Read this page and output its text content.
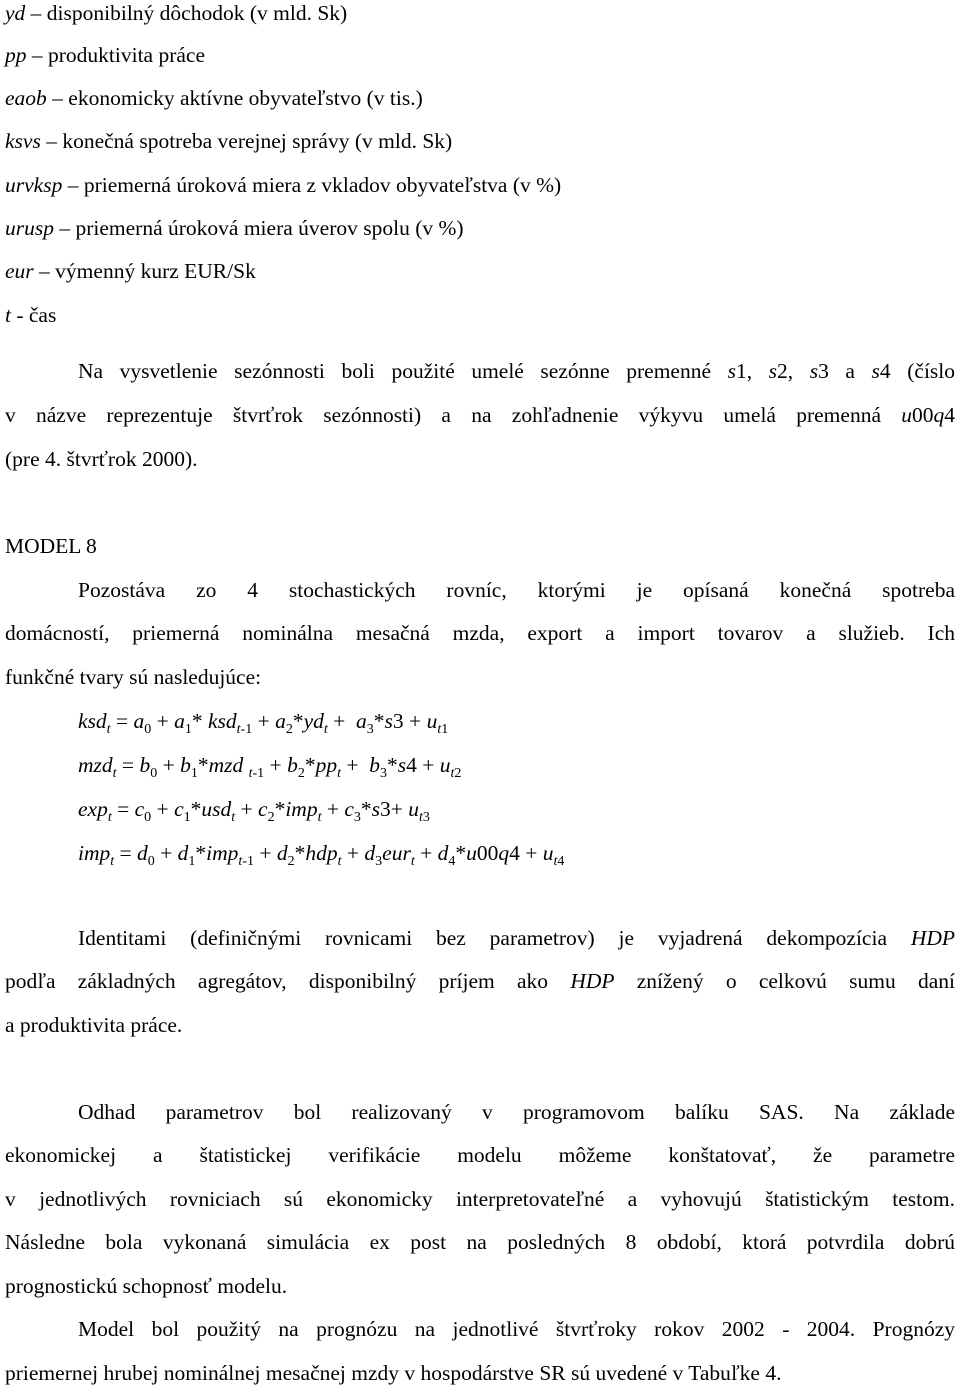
yd – disponibilný dôchodok (v mld. Sk)
pp – produktivita práce
eaob – ekonomicky aktívne obyvateľstvo (v tis.)
ksvs – konečná spotreba verejnej správy (v mld. Sk)
urvksp – priemerná úroková miera z vkladov obyvateľstva (v %)
urusp – priemerná úroková miera úverov spolu (v %)
eur – výmenný kurz EUR/Sk
t - čas
Na vysvetlenie sezónnosti boli použité umelé sezónne premenné s1, s2, s3 a s4 (číslo
v názve reprezentuje štvrťrok sezónnosti) a na zohľadnenie výkyvu umelá premenná u00q4
(pre 4. štvrťrok 2000).
MODEL 8
Pozostáva zo 4 stochastických rovníc, ktorými je opísaná konečná spotreba
domácností, priemerná nominálna mesačná mzda, export a import tovarov a služieb. Ich
funkčné tvary sú nasledujúce:
$ksd_t = a_0 + a_1*$ $ksd_{t-1} + a_2*yd_t + a_3*s3 + u_{t1}$
$mzd_t = b_0 + b_1*mzd$ $_{t-1} + b_2*pp_t + b_3*s4 + u_{t2}$
$\exp_t = c_0 + c_1*usd_t + c_2*imp_t + c_3*s3+ u_{t3}$
$imp_t = d_0 + d_1*imp_{t-1} + d_2*hdp_t + d_3eur_t + d_4*u00q4 + u_{t4}$
Identitami (definičnými rovnicami bez parametrov) je vyjadrená dekompozícia HDP
podľa základných agregátov, disponibilný príjem ako HDP znížený o celkovú sumu daní
a produktivita práce.
Odhad parametrov bol realizovaný v programovom balíku SAS. Na základe
ekonomickej a štatistickej verifikácie modelu môžeme konštatovať, že parametre
v jednotlivých rovniciach sú ekonomicky interpretovateľné a vyhovujú štatistickým testom.
Následne bola vykonaná simulácia ex post na posledných 8 období, ktorá potvrdila dobrú
prognostickú schopnosť modelu.
Model bol použitý na prognózu na jednotlivé štvrťroky rokov 2002 - 2004. Prognózy
priemernej hrubej nominálnej mesačnej mzdy v hospodárstve SR sú uvedené v Tabuľke 4.
